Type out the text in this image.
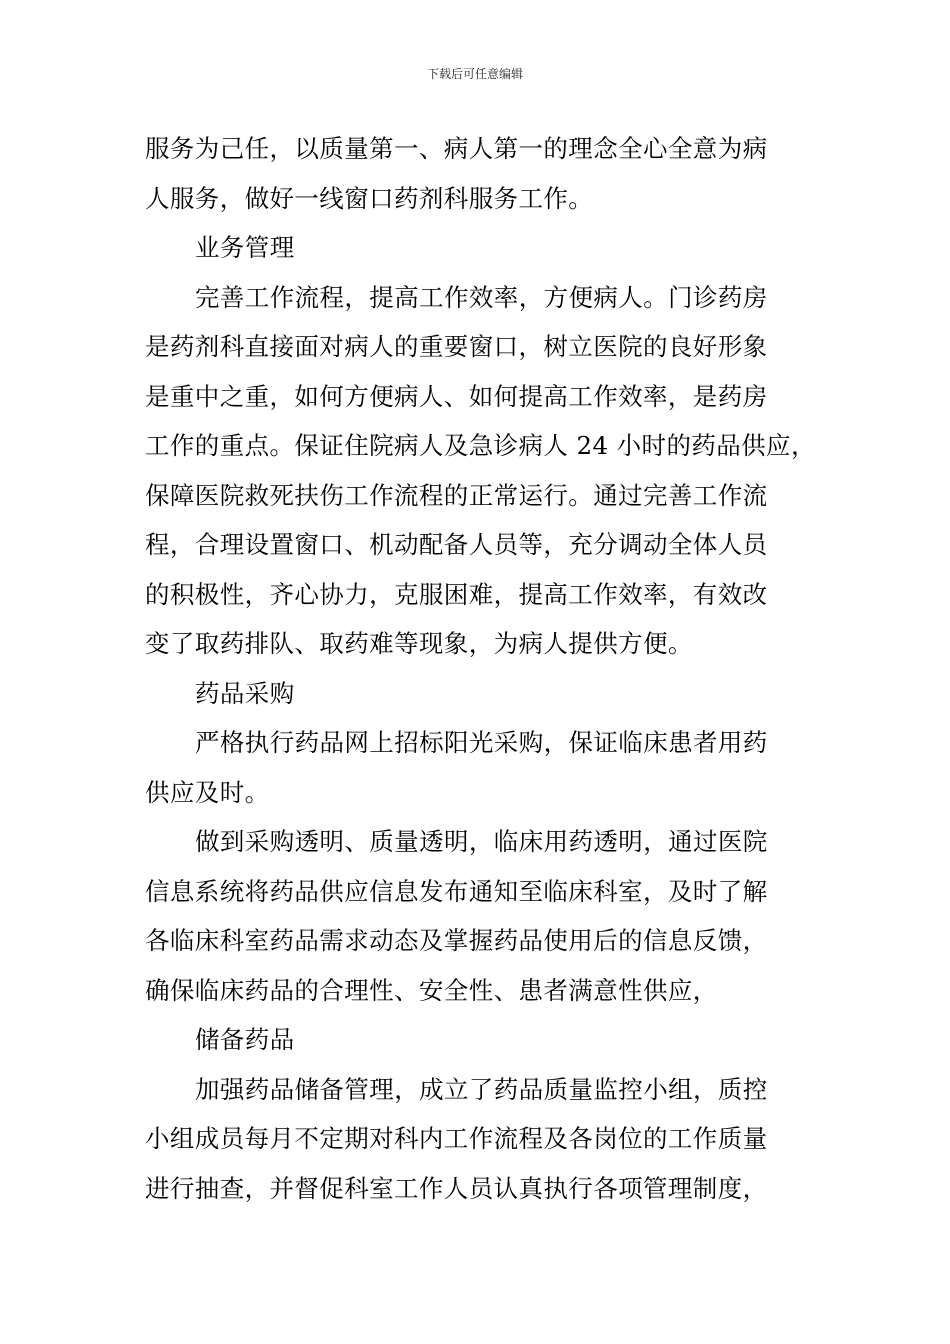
下载后可任意编辑
服务为己任，以质量第一、病人第一的理念全心全意为病
人服务，做好一线窗口药剂科服务工作。
业务管理
完善工作流程，提高工作效率，方便病人。门诊药房
是药剂科直接面对病人的重要窗口，树立医院的良好形象
是重中之重，如何方便病人、如何提高工作效率，是药房
工作的重点。保证住院病人及急诊病人 24 小时的药品供应，
保障医院救死扶伤工作流程的正常运行。通过完善工作流
程，合理设置窗口、机动配备人员等，充分调动全体人员
的积极性，齐心协力，克服困难，提高工作效率，有效改
变了取药排队、取药难等现象，为病人提供方便。
药品采购
严格执行药品网上招标阳光采购，保证临床患者用药
供应及时。
做到采购透明、质量透明，临床用药透明，通过医院
信息系统将药品供应信息发布通知至临床科室，及时了解
各临床科室药品需求动态及掌握药品使用后的信息反馈，
确保临床药品的合理性、安全性、患者满意性供应，
储备药品
加强药品储备管理，成立了药品质量监控小组，质控
小组成员每月不定期对科内工作流程及各岗位的工作质量
进行抽查，并督促科室工作人员认真执行各项管理制度，
